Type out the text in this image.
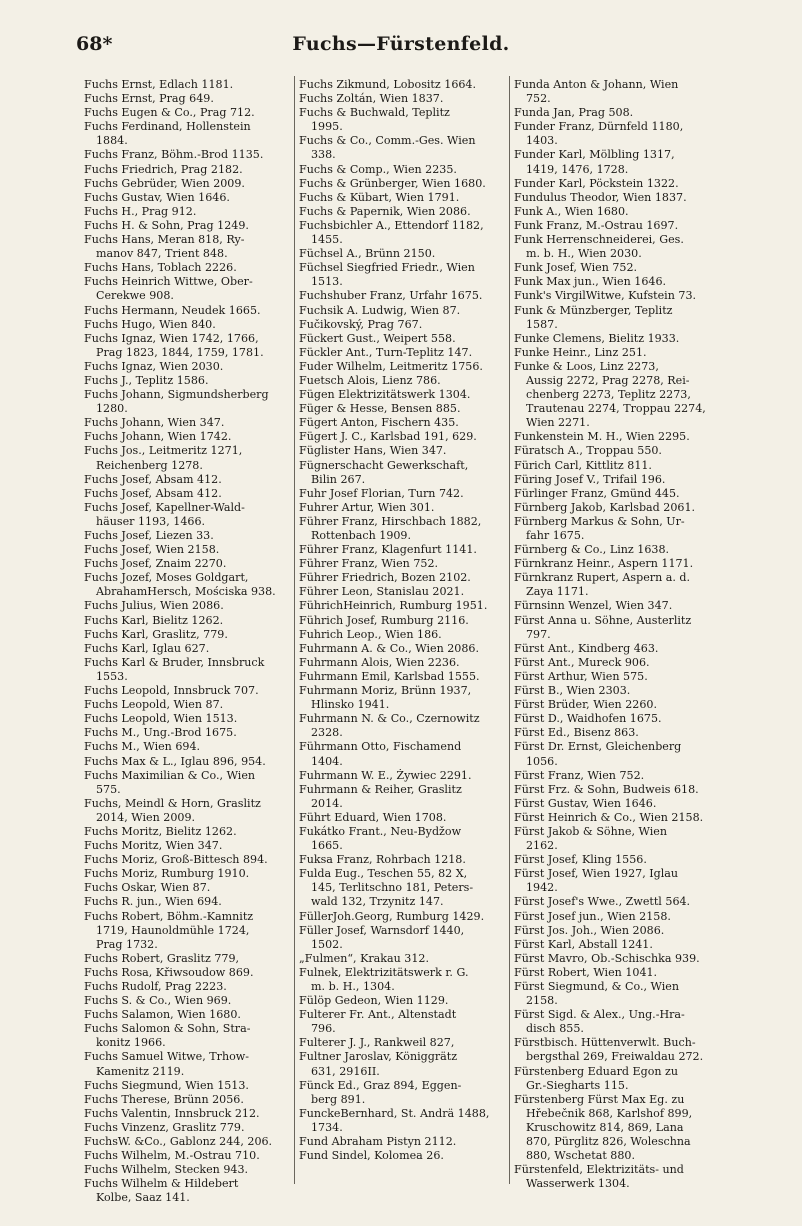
68*	Fuchs—Fürstenfeld.
Fuchs Ernst, Edlach 1181.
Fuchs Ernst, Prag 649.
Fuchs Eugen & Co., Prag 712.
Fuchs Ferdinand, Hollenstein
1884.
Fuchs Franz, Böhm.-Brod 1135.
Fuchs Friedrich, Prag 2182.
Fuchs Gebrüder, Wien 2009.
Fuchs Gustav, Wien 1646.
Fuchs H., Prag 912.
Fuchs H. & Sohn, Prag 1249.
Fuchs Hans, Meran 818, Ry-
manov 847, Trient 848.
Fuchs Hans, Toblach 2226.
Fuchs Heinrich Wittwe, Ober-
Cerekwe 908.
Fuchs Hermann, Neudek 1665.
Fuchs Hugo, Wien 840.
Fuchs Ignaz, Wien 1742, 1766,
Prag 1823, 1844, 1759, 1781.
Fuchs Ignaz, Wien 2030.
Fuchs J., Teplitz 1586.
Fuchs Johann, Sigmundsherberg
1280.
Fuchs Johann, Wien 347.
Fuchs Johann, Wien 1742.
Fuchs Jos., Leitmeritz 1271,
Reichenberg 1278.
Fuchs Josef, Absam 412.
Fuchs Josef, Absam 412.
Fuchs Josef, Kapellner-Wald-
häuser 1193, 1466.
Fuchs Josef, Liezen 33.
Fuchs Josef, Wien 2158.
Fuchs Josef, Znaim 2270.
Fuchs Jozef, Moses Goldgart,
AbrahamHersch, Mościska 938.
Fuchs Julius, Wien 2086.
Fuchs Karl, Bielitz 1262.
Fuchs Karl, Graslitz, 779.
Fuchs Karl, Iglau 627.
Fuchs Karl & Bruder, Innsbruck
1553.
Fuchs Leopold, Innsbruck 707.
Fuchs Leopold, Wien 87.
Fuchs Leopold, Wien 1513.
Fuchs M., Ung.-Brod 1675.
Fuchs M., Wien 694.
Fuchs Max & L., Iglau 896, 954.
Fuchs Maximilian & Co., Wien
575.
Fuchs, Meindl & Horn, Graslitz
2014, Wien 2009.
Fuchs Moritz, Bielitz 1262.
Fuchs Moritz, Wien 347.
Fuchs Moriz, Groß-Bittesch 894.
Fuchs Moriz, Rumburg 1910.
Fuchs Oskar, Wien 87.
Fuchs R. jun., Wien 694.
Fuchs Robert, Böhm.-Kamnitz
1719, Haunoldmühle 1724,
Prag 1732.
Fuchs Robert, Graslitz 779,
Fuchs Rosa, Křiwsoudow 869.
Fuchs Rudolf, Prag 2223.
Fuchs S. & Co., Wien 969.
Fuchs Salamon, Wien 1680.
Fuchs Salomon & Sohn, Stra-
konitz 1966.
Fuchs Samuel Witwe, Trhow-
Kamenitz 2119.
Fuchs Siegmund, Wien 1513.
Fuchs Therese, Brünn 2056.
Fuchs Valentin, Innsbruck 212.
Fuchs Vinzenz, Graslitz 779.
FuchsW. &Co., Gablonz 244, 206.
Fuchs Wilhelm, M.-Ostrau 710.
Fuchs Wilhelm, Stecken 943.
Fuchs Wilhelm & Hildebert
Kolbe, Saaz 141.
Fuchs Zikmund, Lobositz 1664.
Fuchs Zoltán, Wien 1837.
Fuchs & Buchwald, Teplitz
1995.
Fuchs & Co., Comm.-Ges. Wien
338.
Fuchs & Comp., Wien 2235.
Fuchs & Grünberger, Wien 1680.
Fuchs & Kübart, Wien 1791.
Fuchs & Papernik, Wien 2086.
Fuchsbichler A., Ettendorf 1182,
1455.
Füchsel A., Brünn 2150.
Füchsel Siegfried Friedr., Wien
1513.
Fuchshuber Franz, Urfahr 1675.
Fuchsik A. Ludwig, Wien 87.
Fučikovský, Prag 767.
Fückert Gust., Weipert 558.
Fückler Ant., Turn-Teplitz 147.
Fuder Wilhelm, Leitmeritz 1756.
Fuetsch Alois, Lienz 786.
Fügen Elektrizitätswerk 1304.
Füger & Hesse, Bensen 885.
Fügert Anton, Fischern 435.
Fügert J. C., Karlsbad 191, 629.
Füglister Hans, Wien 347.
Fügnerschacht Gewerkschaft,
Bilin 267.
Fuhr Josef Florian, Turn 742.
Fuhrer Artur, Wien 301.
Führer Franz, Hirschbach 1882,
Rottenbach 1909.
Führer Franz, Klagenfurt 1141.
Führer Franz, Wien 752.
Führer Friedrich, Bozen 2102.
Führer Leon, Stanislau 2021.
FührichHeinrich, Rumburg 1951.
Führich Josef, Rumburg 2116.
Fuhrich Leop., Wien 186.
Fuhrmann A. & Co., Wien 2086.
Fuhrmann Alois, Wien 2236.
Fuhrmann Emil, Karlsbad 1555.
Fuhrmann Moriz, Brünn 1937,
Hlinsko 1941.
Fuhrmann N. & Co., Czernowitz
2328.
Führmann Otto, Fischamend
1404.
Fuhrmann W. E., Żywiec 2291.
Fuhrmann & Reiher, Graslitz
2014.
Führt Eduard, Wien 1708.
Fukátko Frant., Neu-Bydžow
1665.
Fuksa Franz, Rohrbach 1218.
Fulda Eug., Teschen 55, 82 X,
145, Terlitschno 181, Peters-
wald 132, Trzynitz 147.
FüllerJoh.Georg, Rumburg 1429.
Füller Josef, Warnsdorf 1440,
1502.
„Fulmen“, Krakau 312.
Fulnek, Elektrizitätswerk r. G.
m. b. H., 1304.
Fülöp Gedeon, Wien 1129.
Fulterer Fr. Ant., Altenstadt
796.
Fulterer J. J., Rankweil 827,
Fultner Jaroslav, Königgrätz
631, 2916II.
Fünck Ed., Graz 894, Eggen-
berg 891.
FunckeBernhard, St. Andrä 1488,
1734.
Fund Abraham Pistyn 2112.
Fund Sindel, Kolomea 26.
Funda Anton & Johann, Wien
752.
Funda Jan, Prag 508.
Funder Franz, Dürnfeld 1180,
1403.
Funder Karl, Mölbling 1317,
1419, 1476, 1728.
Funder Karl, Pöckstein 1322.
Fundulus Theodor, Wien 1837.
Funk A., Wien 1680.
Funk Franz, M.-Ostrau 1697.
Funk Herrenschneiderei, Ges.
m. b. H., Wien 2030.
Funk Josef, Wien 752.
Funk Max jun., Wien 1646.
Funk's VirgilWitwe, Kufstein 73.
Funk & Münzberger, Teplitz
1587.
Funke Clemens, Bielitz 1933.
Funke Heinr., Linz 251.
Funke & Loos, Linz 2273,
Aussig 2272, Prag 2278, Rei-
chenberg 2273, Teplitz 2273,
Trautenau 2274, Troppau 2274,
Wien 2271.
Funkenstein M. H., Wien 2295.
Füratsch A., Troppau 550.
Fürich Carl, Kittlitz 811.
Füring Josef V., Trifail 196.
Fürlinger Franz, Gmünd 445.
Fürnberg Jakob, Karlsbad 2061.
Fürnberg Markus & Sohn, Ur-
fahr 1675.
Fürnberg & Co., Linz 1638.
Fürnkranz Heinr., Aspern 1171.
Fürnkranz Rupert, Aspern a. d.
Zaya 1171.
Fürnsinn Wenzel, Wien 347.
Fürst Anna u. Söhne, Austerlitz
797.
Fürst Ant., Kindberg 463.
Fürst Ant., Mureck 906.
Fürst Arthur, Wien 575.
Fürst B., Wien 2303.
Fürst Brüder, Wien 2260.
Fürst D., Waidhofen 1675.
Fürst Ed., Bisenz 863.
Fürst Dr. Ernst, Gleichenberg
1056.
Fürst Franz, Wien 752.
Fürst Frz. & Sohn, Budweis 618.
Fürst Gustav, Wien 1646.
Fürst Heinrich & Co., Wien 2158.
Fürst Jakob & Söhne, Wien
2162.
Fürst Josef, Kling 1556.
Fürst Josef, Wien 1927, Iglau
1942.
Fürst Josef's Wwe., Zwettl 564.
Fürst Josef jun., Wien 2158.
Fürst Jos. Joh., Wien 2086.
Fürst Karl, Abstall 1241.
Fürst Mavro, Ob.-Schischka 939.
Fürst Robert, Wien 1041.
Fürst Siegmund, & Co., Wien
2158.
Fürst Sigd. & Alex., Ung.-Hra-
disch 855.
Fürstbisch. Hüttenverwlt. Buch-
bergsthal 269, Freiwaldau 272.
Fürstenberg Eduard Egon zu
Gr.-Siegharts 115.
Fürstenberg Fürst Max Eg. zu
Hřebečnik 868, Karlshof 899,
Kruschowitz 814, 869, Lana
870, Pürglitz 826, Woleschna
880, Wschetat 880.
Fürstenfeld, Elektrizitäts- und
Wasserwerk 1304.
